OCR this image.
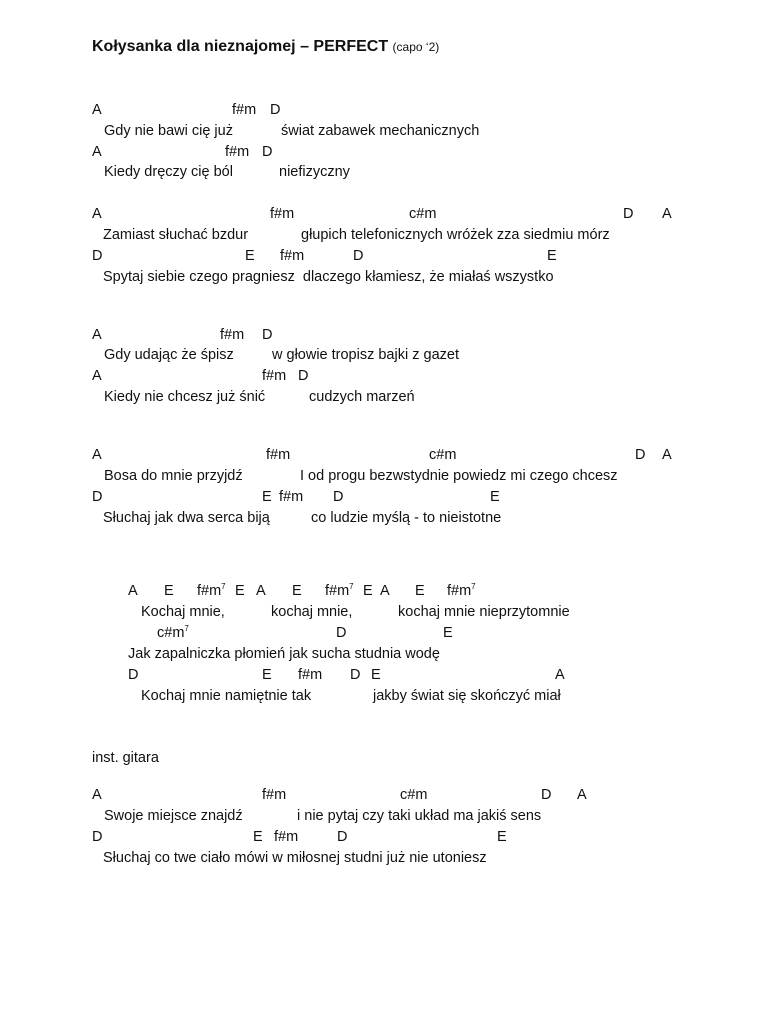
Kołysanka dla nieznajomej – PERFECT (capo ‘2)
A	f#m D
Gdy nie bawi cię już	świat zabawek mechanicznych
A	f#m D
Kiedy dręczy cię ból	niefizyczny
A	f#m	c#m	D A
Zamiast słuchać bzdur	głupich telefonicznych wróżek zza siedmiu mórz
D	E f#m	D	E
Spytaj siebie czego pragniesz  dlaczego kłamiesz, że miałaś wszystko
A	f#m D
Gdy udając że śpisz	w głowie tropisz bajki z gazet
A	f#m D
Kiedy nie chcesz już śnić	cudzych marzeń
A	f#m	c#m	D A
Bosa do mnie przyjdź	I od progu bezwstydnie powiedz mi czego chcesz
D	E f#m D	E
Słuchaj jak dwa serca biją	co ludzie myślą - to nieistotne
A E $f\#m^7$ E A E $f\#m^7$ E A E $f\#m^7$
Kochaj mnie,	kochaj mnie,	kochaj mnie nieprzytomnie
$c\#m^7$	D	E
Jak zapalniczka płomień jak sucha studnia wodę
D	E f#m D E	A
Kochaj mnie namiętnie tak	jakby świat się skończyć miał
inst. gitara
A	f#m	c#m	D A
Swoje miejsce znajdź	i nie pytaj czy taki układ ma jakiś sens
D	E f#m	D	E
Słuchaj co twe ciało mówi w miłosnej studni już nie utoniesz
